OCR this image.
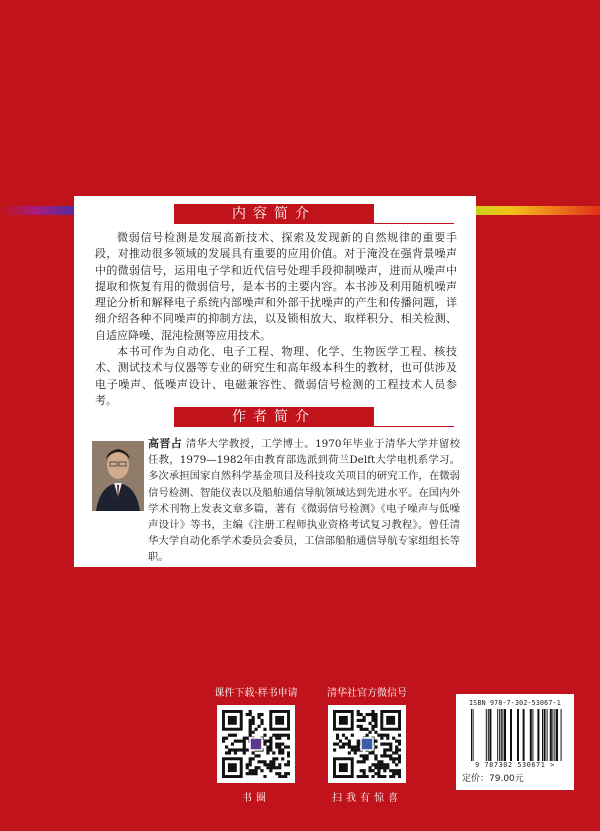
内容简介

微弱信号检测是发展高新技术、探索及发现新的自然规律的重要手段，对推动很多领域的发展具有重要的应用价值。对于淹没在强背景噪声中的微弱信号，运用电子学和近代信号处理手段抑制噪声，进而从噪声中提取和恢复有用的微弱信号，是本书的主要内容。本书涉及利用随机噪声理论分析和解释电子系统内部噪声和外部干扰噪声的产生和传播问题，详细介绍各种不同噪声的抑制方法，以及锁相放大、取样积分、相关检测、自适应降噪、混沌检测等应用技术。

本书可作为自动化、电子工程、物理、化学、生物医学工程、核技术、测试技术与仪器等专业的研究生和高年级本科生的教材，也可供涉及电子噪声、低噪声设计、电磁兼容性、微弱信号检测的工程技术人员参考。

作者简介
高晋占 清华大学教授，工学博士。1970年毕业于清华大学并留校任教，1979—1982年由教育部选派到荷兰Delft大学电机系学习。多次承担国家自然科学基金项目及科技攻关项目的研究工作，在微弱信号检测、智能仪表以及船舶通信导航领域达到先进水平。在国内外学术刊物上发表文章多篇，著有《微弱信号检测》《电子噪声与低噪声设计》等书，主编《注册工程师执业资格考试复习教程》。曾任清华大学自动化系学术委员会委员，工信部船舶通信导航专家组组长等职。
课件下载·样书申请
书圈
清华社官方微信号
扫我有惊喜
ISBN 978-7-302-53067-1
9 787302 530671 >
定价：79.00元
